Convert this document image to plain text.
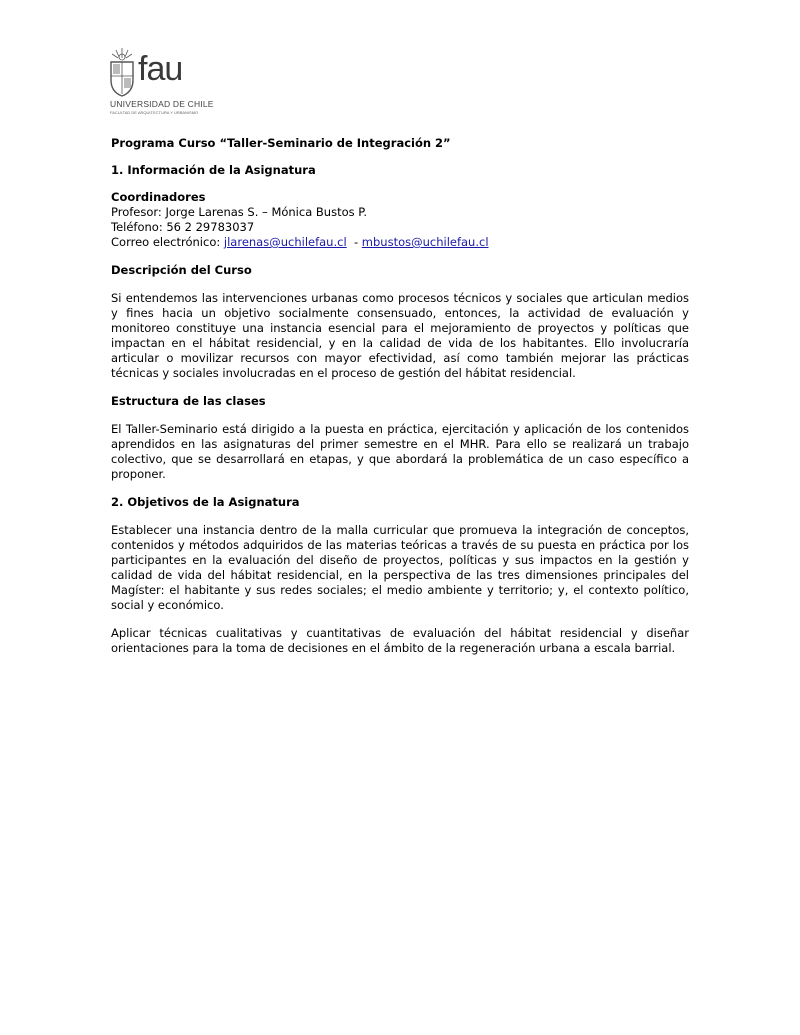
fau
UNIVERSIDAD DE CHILE
FACULTAD DE ARQUITECTURA Y URBANISMO

Programa Curso “Taller-Seminario de Integración 2”

1. Información de la Asignatura

Coordinadores

Profesor: Jorge Larenas S. – Mónica Bustos P.

Teléfono: 56 2 29783037

Correo electrónico: jlarenas@uchilefau.cl  - mbustos@uchilefau.cl

Descripción del Curso

Si entendemos las intervenciones urbanas como procesos técnicos y sociales que articulan medios y fines hacia un objetivo socialmente consensuado, entonces, la actividad de evaluación y monitoreo constituye una instancia esencial para el mejoramiento de proyectos y políticas que impactan en el hábitat residencial, y en la calidad de vida de los habitantes. Ello involucraría articular o movilizar recursos con mayor efectividad, así como también mejorar las prácticas técnicas y sociales involucradas en el proceso de gestión del hábitat residencial.

Estructura de las clases

El Taller-Seminario está dirigido a la puesta en práctica, ejercitación y aplicación de los contenidos aprendidos en las asignaturas del primer semestre en el MHR. Para ello se realizará un trabajo colectivo, que se desarrollará en etapas, y que abordará la problemática de un caso específico a proponer.

2. Objetivos de la Asignatura

Establecer una instancia dentro de la malla curricular que promueva la integración de conceptos, contenidos y métodos adquiridos de las materias teóricas a través de su puesta en práctica por los participantes en la evaluación del diseño de proyectos, políticas y sus impactos en la gestión y calidad de vida del hábitat residencial, en la perspectiva de las tres dimensiones principales del Magíster: el habitante y sus redes sociales; el medio ambiente y territorio; y, el contexto político, social y económico.

Aplicar técnicas cualitativas y cuantitativas de evaluación del hábitat residencial y diseñar orientaciones para la toma de decisiones en el ámbito de la regeneración urbana a escala barrial.
